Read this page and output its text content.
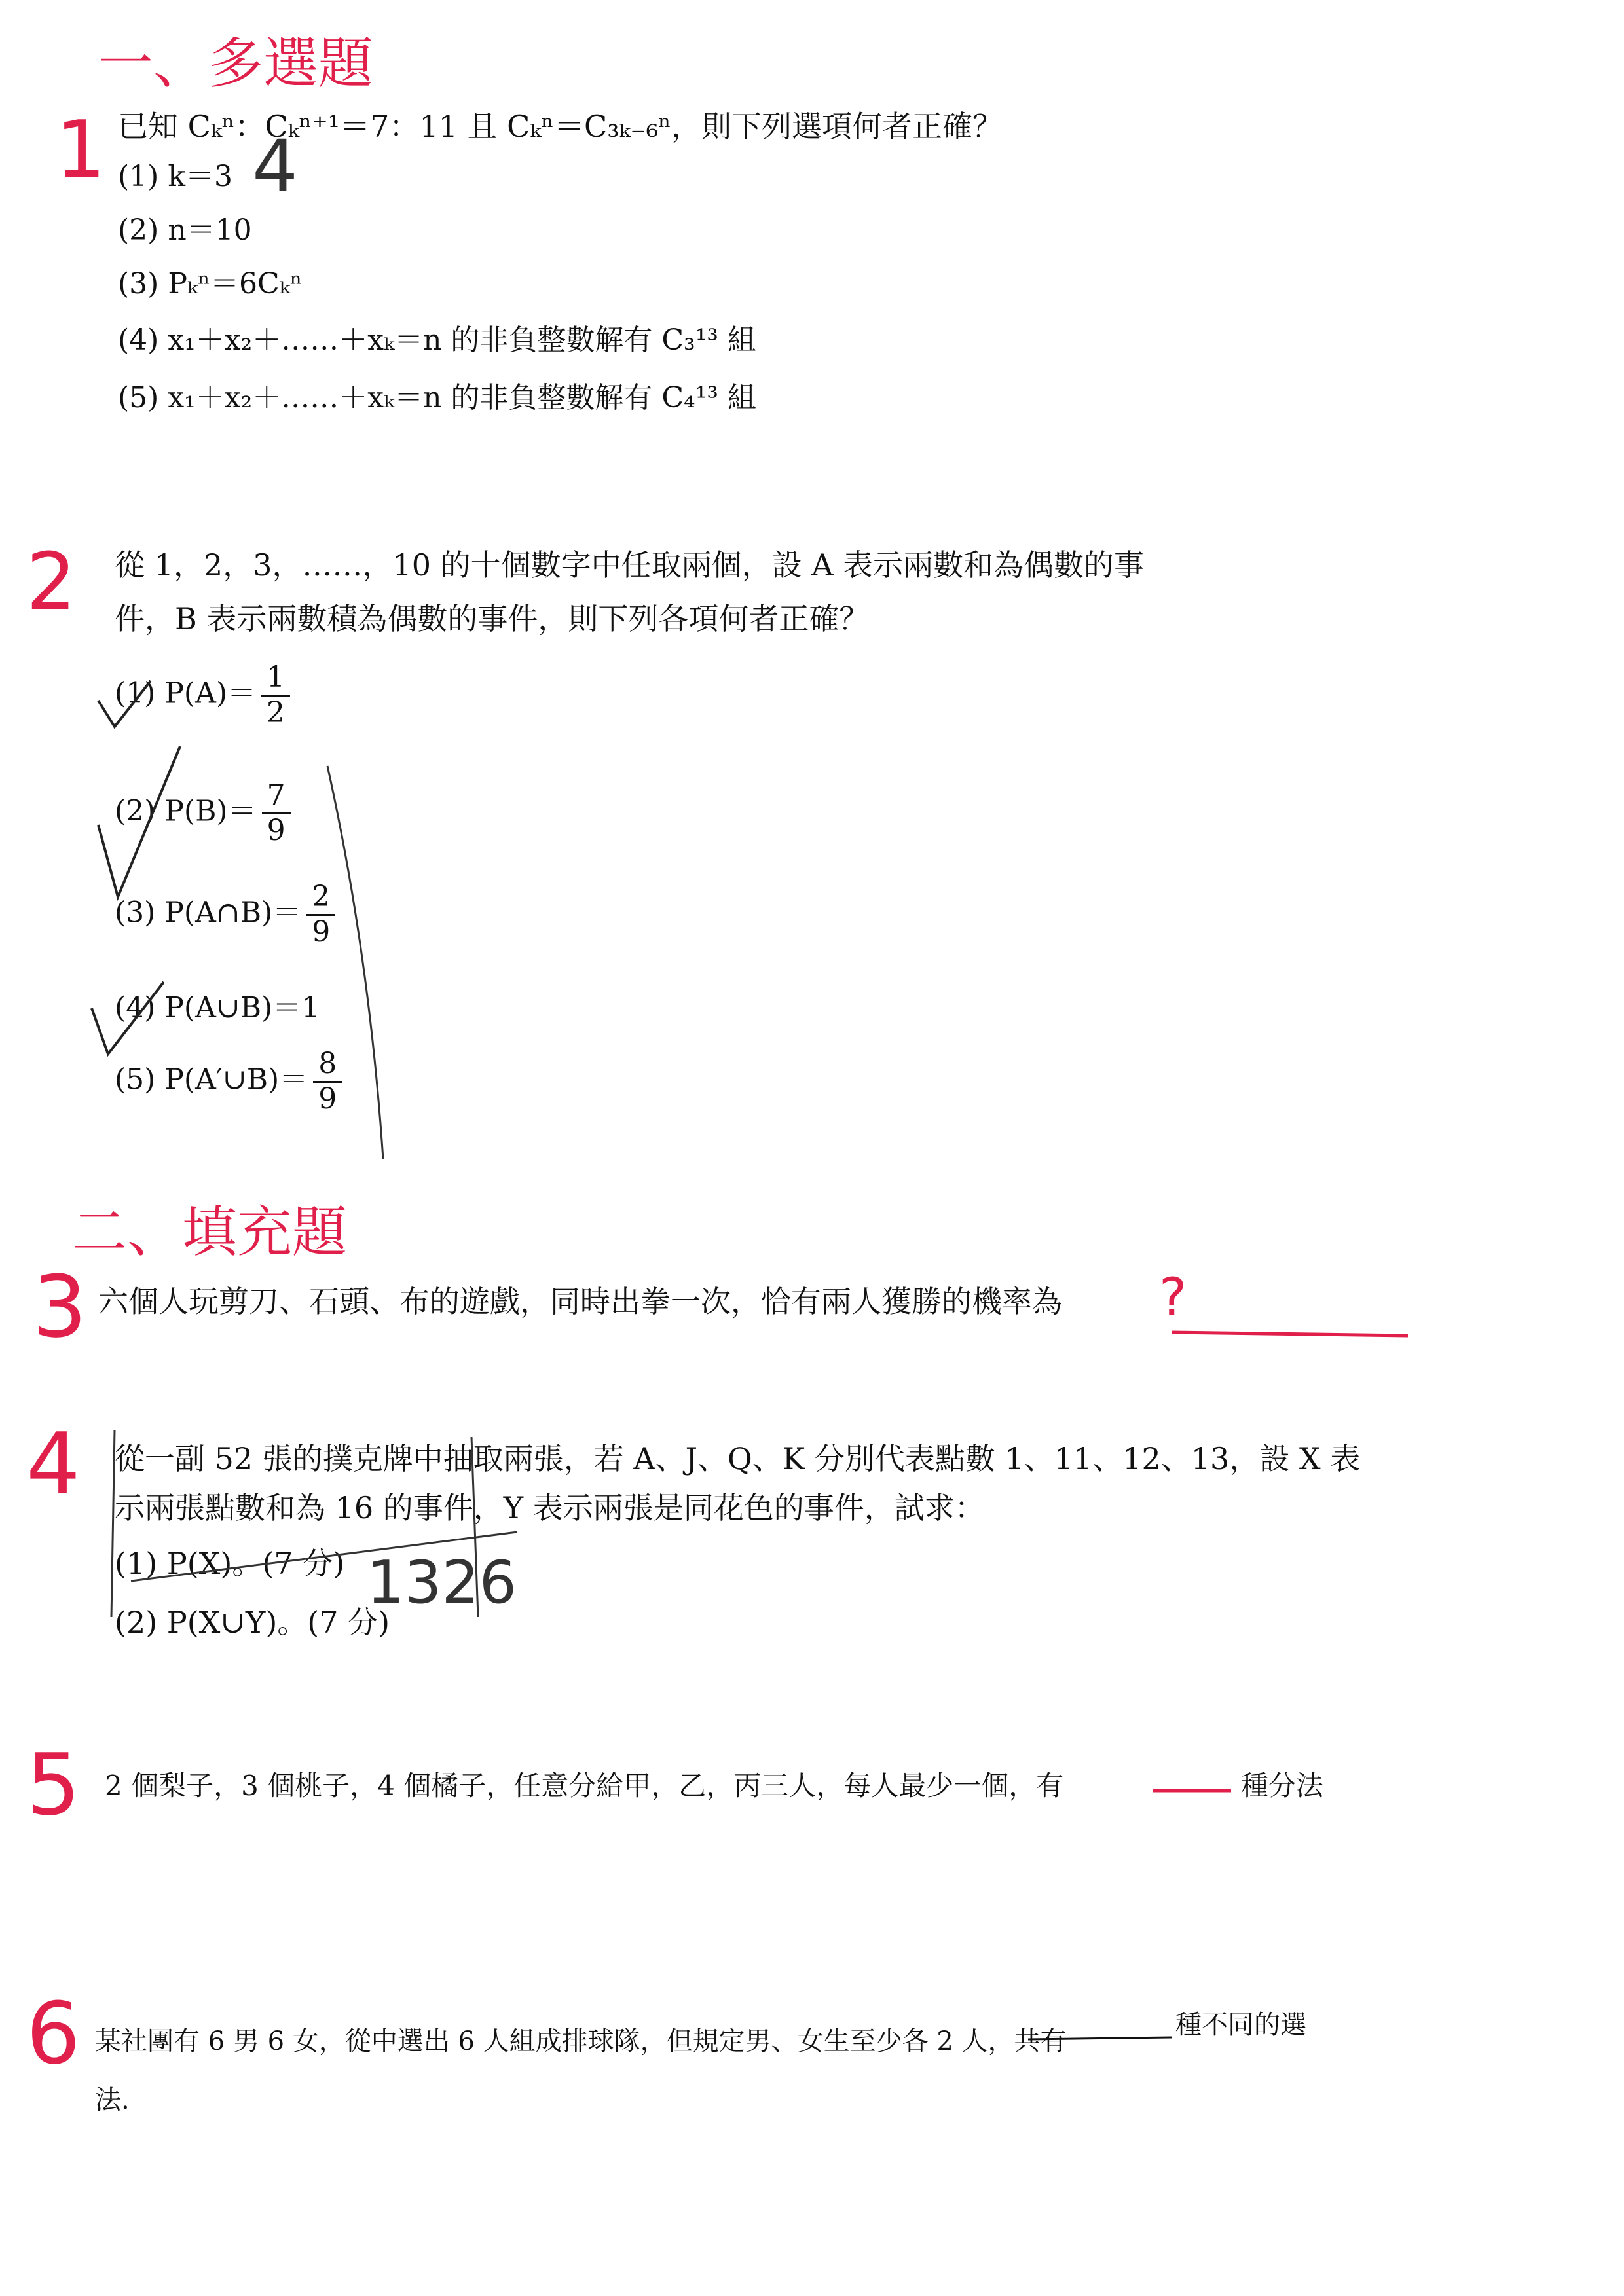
一、多選題
二、填充題
1
2
3
4
5
6
已知 Cₖⁿ：Cₖⁿ⁺¹＝7：11 且 Cₖⁿ＝C₃ₖ₋₆ⁿ，則下列選項何者正確？
(1) k＝3
(2) n＝10
(3) Pₖⁿ＝6Cₖⁿ
(4) x₁＋x₂＋……＋xₖ＝n 的非負整數解有 C₃¹³ 組
(5) x₁＋x₂＋……＋xₖ＝n 的非負整數解有 C₄¹³ 組
4
從 1，2，3，……，10 的十個數字中任取兩個，設 A 表示兩數和為偶數的事
件，B 表示兩數積為偶數的事件，則下列各項何者正確？
(1) $P(A)= \frac{1}{2}$
(2) $P(B)= \frac{7}{9}$
(3) P(A∩B)＝ $\frac{2}{9}$
(4) P(A∪B)＝1
(5) P(A′∪B)＝ $\frac{8}{9}$
六個人玩剪刀、石頭、布的遊戲，同時出拳一次，恰有兩人獲勝的機率為 ?
從一副 52 張的撲克牌中抽取兩張，若 A、J、Q、K 分別代表點數 1、11、12、13，設 X 表
示兩張點數和為 16 的事件，Y 表示兩張是同花色的事件，試求：
(1) P(X)。(7 分)
(2) P(X∪Y)。(7 分)
1326
2 個梨子，3 個桃子，4 個橘子，任意分給甲，乙，丙三人，每人最少一個，有	種分法
某社團有 6 男 6 女，從中選出 6 人組成排球隊，但規定男、女生至少各 2 人，共有
種不同的選
法.
